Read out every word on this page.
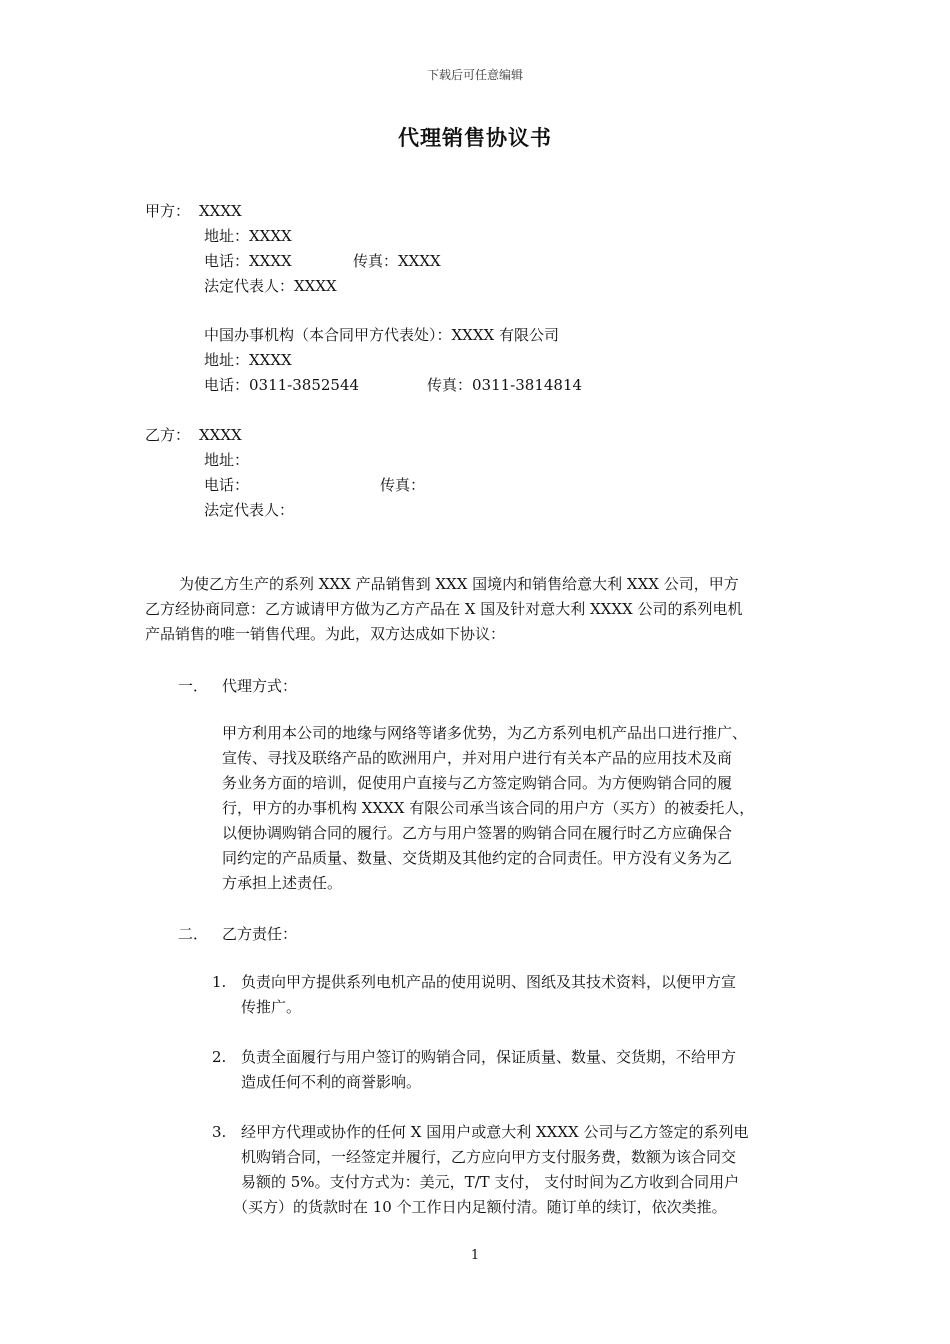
下载后可任意编辑
代理销售协议书
甲方： XXXX
地址：XXXX
电话：XXXX	传真：XXXX
法定代表人：XXXX
中国办事机构（本合同甲方代表处）：XXXX 有限公司
地址：XXXX
电话：0311-3852544	传真：0311-3814814
乙方： XXXX
地址：
电话：	传真：
法定代表人：
为使乙方生产的系列 XXX 产品销售到 XXX 国境内和销售给意大利 XXX 公司，甲方
乙方经协商同意：乙方诚请甲方做为乙方产品在 X 国及针对意大利 XXXX 公司的系列电机
产品销售的唯一销售代理。为此，双方达成如下协议：
一． 代理方式：
甲方利用本公司的地缘与网络等诸多优势，为乙方系列电机产品出口进行推广、
宣传、寻找及联络产品的欧洲用户，并对用户进行有关本产品的应用技术及商
务业务方面的培训，促使用户直接与乙方签定购销合同。为方便购销合同的履
行，甲方的办事机构 XXXX 有限公司承当该合同的用户方（买方）的被委托人，
以便协调购销合同的履行。乙方与用户签署的购销合同在履行时乙方应确保合
同约定的产品质量、数量、交货期及其他约定的合同责任。甲方没有义务为乙
方承担上述责任。
二． 乙方责任：
1. 负责向甲方提供系列电机产品的使用说明、图纸及其技术资料，以便甲方宣
传推广。
2. 负责全面履行与用户签订的购销合同，保证质量、数量、交货期，不给甲方
造成任何不利的商誉影响。
3. 经甲方代理或协作的任何 X 国用户或意大利 XXXX 公司与乙方签定的系列电
机购销合同，一经签定并履行，乙方应向甲方支付服务费，数额为该合同交
易额的 5%。支付方式为：美元，T/T 支付， 支付时间为乙方收到合同用户
（买方）的货款时在 10 个工作日内足额付清。随订单的续订，依次类推。
1
